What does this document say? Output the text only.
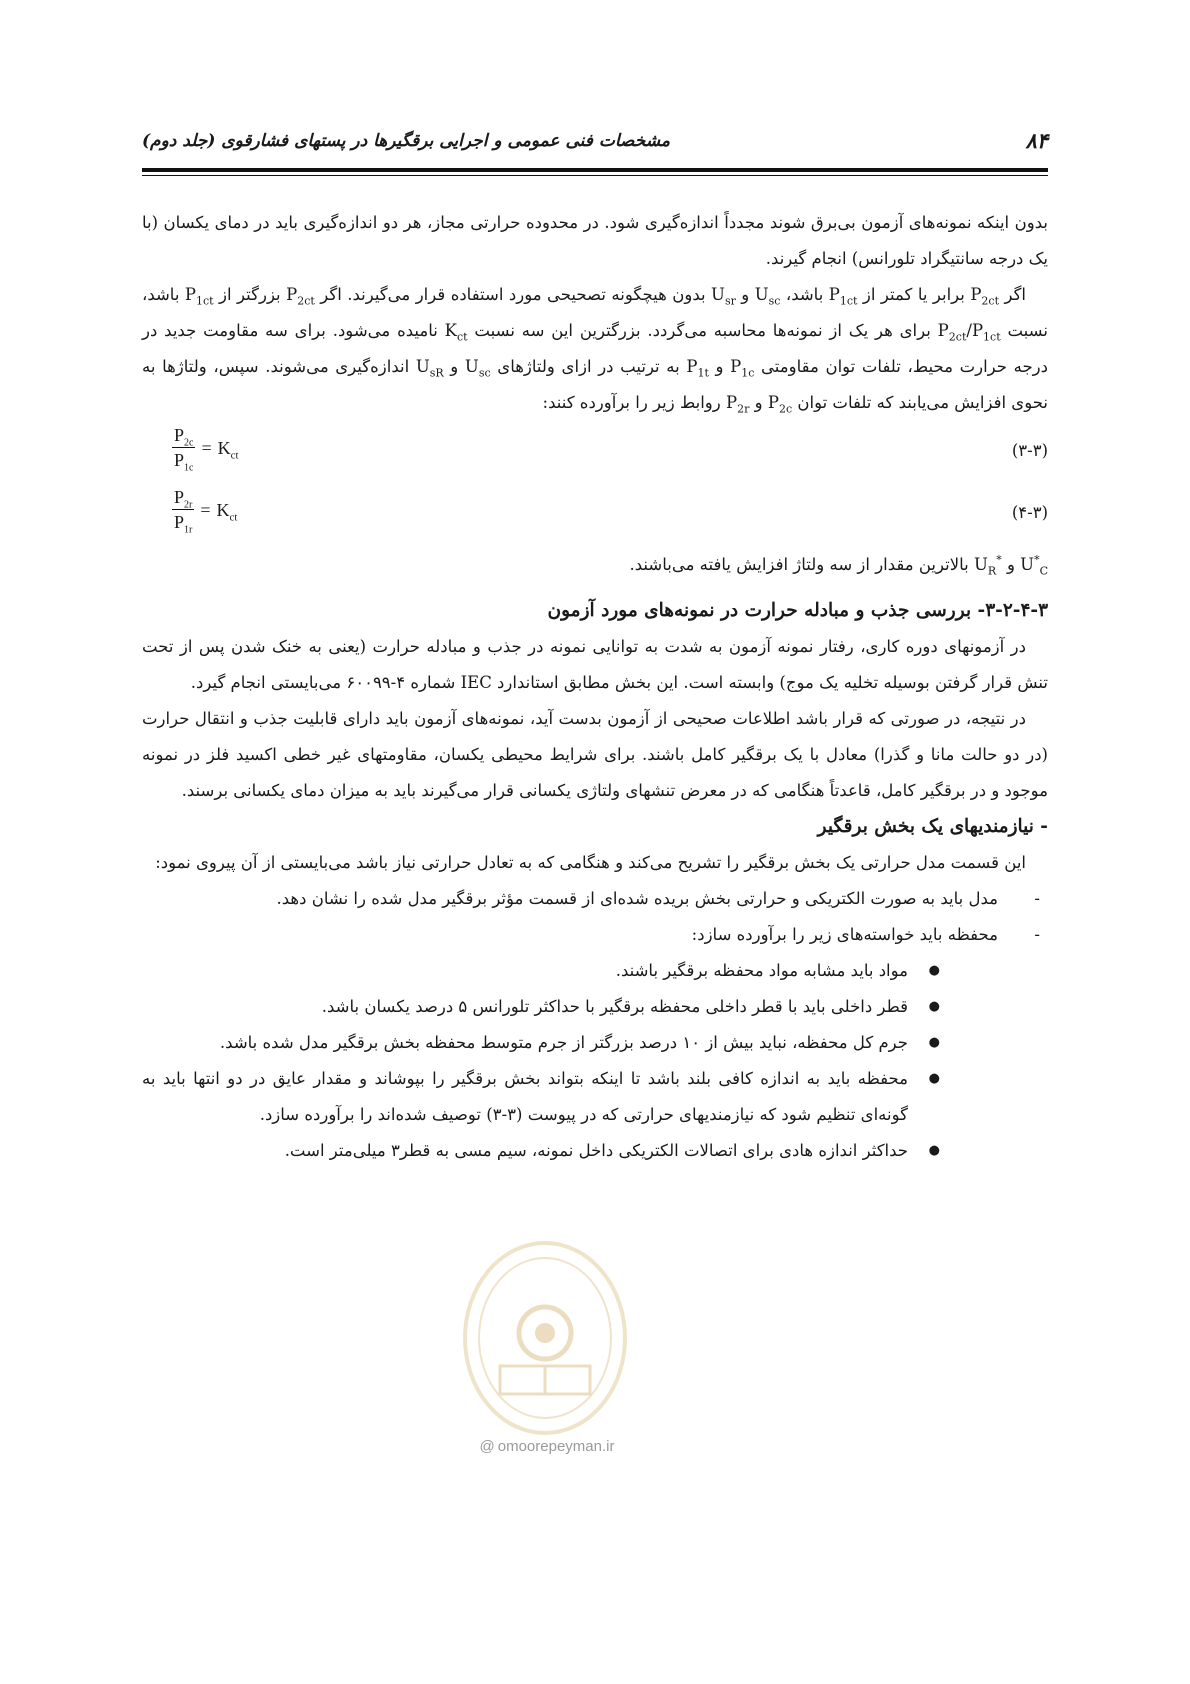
۸۴
مشخصات فنی عمومی و اجرایی برقگیرها در پستهای فشارقوی (جلد دوم)

بدون اینکه نمونه‌های آزمون بی‌برق شوند مجدداً اندازه‌گیری شود. در محدوده حرارتی مجاز، هر دو اندازه‌گیری باید در دمای یکسان (با یک درجه سانتیگراد تلورانس) انجام گیرند.

اگر $P_{2ct}$ برابر یا کمتر از $P_{1ct}$ باشد، $U_{sc}$ و $U_{sr}$ بدون هیچگونه تصحیحی مورد استفاده قرار می‌گیرند. اگر $P_{2ct}$ بزرگتر از $P_{1ct}$ باشد، نسبت $P_{2ct}/P_{1ct}$ برای هر یک از نمونه‌ها محاسبه می‌گردد. بزرگترین این سه نسبت $K_{ct}$ نامیده می‌شود. برای سه مقاومت جدید در درجه حرارت محیط، تلفات توان مقاومتی $P_{1c}$ و $P_{1t}$ به ترتیب در ازای ولتاژهای $U_{sc}$ و $U_{sR}$ اندازه‌گیری می‌شوند. سپس، ولتاژها به نحوی افزایش می‌یابند که تلفات توان $P_{2c}$ و $P_{2r}$ روابط زیر را برآورده کنند:

(۳-۳)
$\frac{P_{2c}}{P_{1c}} = K_{ct}$
(۴-۳)
$\frac{P_{2r}}{P_{1r}} = K_{ct}$

$U^*_C$ و $U_R^*$ بالاترین مقدار از سه ولتاژ افزایش یافته می‌باشند.

۳-۲-۴-۳- بررسی جذب و مبادله حرارت در نمونه‌های مورد آزمون

در آزمونهای دوره کاری، رفتار نمونه آزمون به شدت به توانایی نمونه در جذب و مبادله حرارت (یعنی به خنک شدن پس از تحت تنش قرار گرفتن بوسیله تخلیه یک موج) وابسته است. این بخش مطابق استاندارد IEC شماره ۴-۶۰۰۹۹ می‌بایستی انجام گیرد.

در نتیجه، در صورتی که قرار باشد اطلاعات صحیحی از آزمون بدست آید، نمونه‌های آزمون باید دارای قابلیت جذب و انتقال حرارت (در دو حالت مانا و گذرا) معادل با یک برقگیر کامل باشند. برای شرایط محیطی یکسان، مقاومتهای غیر خطی اکسید فلز در نمونه موجود و در برقگیر کامل، قاعدتاً هنگامی که در معرض تنشهای ولتاژی یکسانی قرار می‌گیرند باید به میزان دمای یکسانی برسند.

- نیازمندیهای یک بخش برقگیر

این قسمت مدل حرارتی یک بخش برقگیر را تشریح می‌کند و هنگامی که به تعادل حرارتی نیاز باشد می‌بایستی از آن پیروی نمود:

-
مدل باید به صورت الکتریکی و حرارتی بخش بریده شده‌ای از قسمت مؤثر برقگیر مدل شده را نشان دهد.
-
محفظه باید خواسته‌های زیر را برآورده سازد:
●
مواد باید مشابه مواد محفظه برقگیر باشند.
●
قطر داخلی باید با قطر داخلی محفظه برقگیر با حداکثر تلورانس ۵ درصد یکسان باشد.
●
جرم کل محفظه، نباید بیش از ۱۰ درصد بزرگتر از جرم متوسط محفظه بخش برقگیر مدل شده باشد.
●
محفظه باید به اندازه کافی بلند باشد تا اینکه بتواند بخش برقگیر را بپوشاند و مقدار عایق در دو انتها باید به گونه‌ای تنظیم شود که نیازمندیهای حرارتی که در پیوست (۳-۳) توصیف شده‌اند را برآورده سازد.
●
حداکثر اندازه هادی برای اتصالات الکتریکی داخل نمونه، سیم مسی به قطر۳ میلی‌متر است.
@ omoorepeyman.ir
